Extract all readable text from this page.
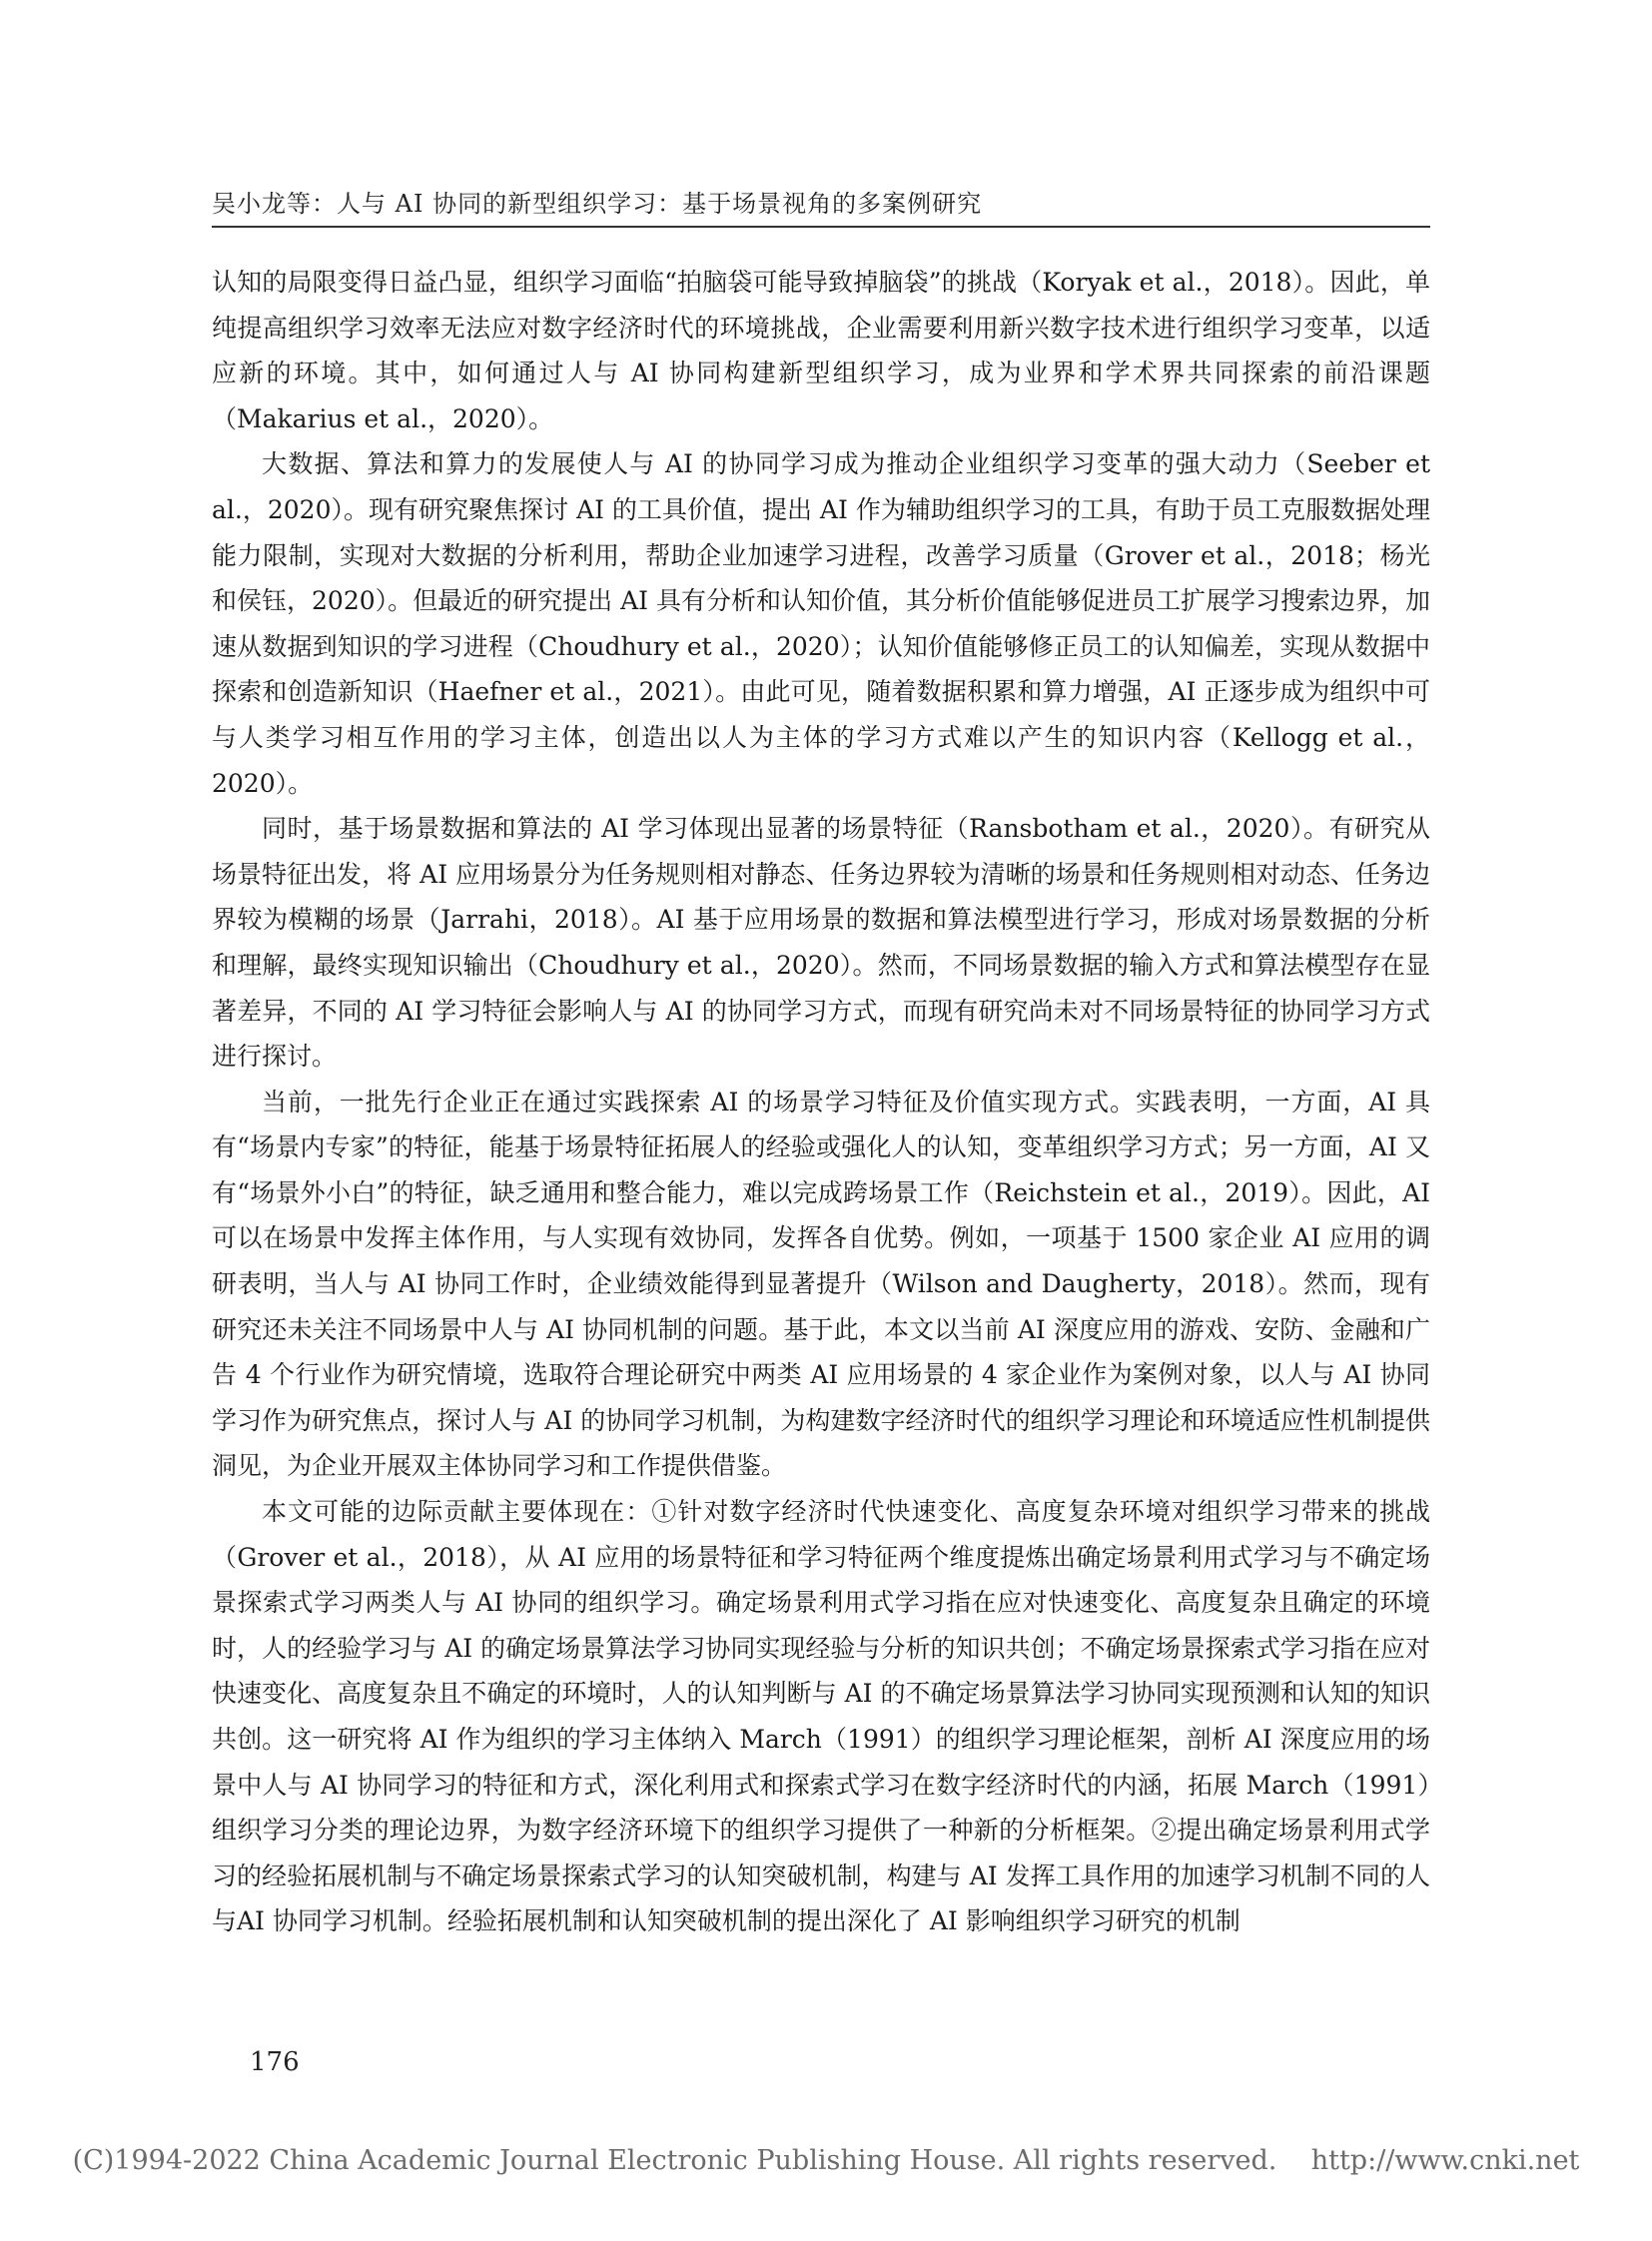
吴小龙等：人与 AI 协同的新型组织学习：基于场景视角的多案例研究

认知的局限变得日益凸显，组织学习面临“拍脑袋可能导致掉脑袋”的挑战（Koryak et al.，2018）。因此，单纯提高组织学习效率无法应对数字经济时代的环境挑战，企业需要利用新兴数字技术进行组织学习变革，以适应新的环境。其中，如何通过人与 AI 协同构建新型组织学习，成为业界和学术界共同探索的前沿课题（Makarius et al.，2020）。

大数据、算法和算力的发展使人与 AI 的协同学习成为推动企业组织学习变革的强大动力（Seeber et al.，2020）。现有研究聚焦探讨 AI 的工具价值，提出 AI 作为辅助组织学习的工具，有助于员工克服数据处理能力限制，实现对大数据的分析利用，帮助企业加速学习进程，改善学习质量（Grover et al.，2018；杨光和侯钰，2020）。但最近的研究提出 AI 具有分析和认知价值，其分析价值能够促进员工扩展学习搜索边界，加速从数据到知识的学习进程（Choudhury et al.，2020）；认知价值能够修正员工的认知偏差，实现从数据中探索和创造新知识（Haefner et al.，2021）。由此可见，随着数据积累和算力增强，AI 正逐步成为组织中可与人类学习相互作用的学习主体，创造出以人为主体的学习方式难以产生的知识内容（Kellogg et al.，2020）。

同时，基于场景数据和算法的 AI 学习体现出显著的场景特征（Ransbotham et al.，2020）。有研究从场景特征出发，将 AI 应用场景分为任务规则相对静态、任务边界较为清晰的场景和任务规则相对动态、任务边界较为模糊的场景（Jarrahi，2018）。AI 基于应用场景的数据和算法模型进行学习，形成对场景数据的分析和理解，最终实现知识输出（Choudhury et al.，2020）。然而，不同场景数据的输入方式和算法模型存在显著差异，不同的 AI 学习特征会影响人与 AI 的协同学习方式，而现有研究尚未对不同场景特征的协同学习方式进行探讨。

当前，一批先行企业正在通过实践探索 AI 的场景学习特征及价值实现方式。实践表明，一方面，AI 具有“场景内专家”的特征，能基于场景特征拓展人的经验或强化人的认知，变革组织学习方式；另一方面，AI 又有“场景外小白”的特征，缺乏通用和整合能力，难以完成跨场景工作（Reichstein et al.，2019）。因此，AI 可以在场景中发挥主体作用，与人实现有效协同，发挥各自优势。例如，一项基于 1500 家企业 AI 应用的调研表明，当人与 AI 协同工作时，企业绩效能得到显著提升（Wilson and Daugherty，2018）。然而，现有研究还未关注不同场景中人与 AI 协同机制的问题。基于此，本文以当前 AI 深度应用的游戏、安防、金融和广告 4 个行业作为研究情境，选取符合理论研究中两类 AI 应用场景的 4 家企业作为案例对象，以人与 AI 协同学习作为研究焦点，探讨人与 AI 的协同学习机制，为构建数字经济时代的组织学习理论和环境适应性机制提供洞见，为企业开展双主体协同学习和工作提供借鉴。

本文可能的边际贡献主要体现在：①针对数字经济时代快速变化、高度复杂环境对组织学习带来的挑战（Grover et al.，2018），从 AI 应用的场景特征和学习特征两个维度提炼出确定场景利用式学习与不确定场景探索式学习两类人与 AI 协同的组织学习。确定场景利用式学习指在应对快速变化、高度复杂且确定的环境时，人的经验学习与 AI 的确定场景算法学习协同实现经验与分析的知识共创；不确定场景探索式学习指在应对快速变化、高度复杂且不确定的环境时，人的认知判断与 AI 的不确定场景算法学习协同实现预测和认知的知识共创。这一研究将 AI 作为组织的学习主体纳入 March（1991）的组织学习理论框架，剖析 AI 深度应用的场景中人与 AI 协同学习的特征和方式，深化利用式和探索式学习在数字经济时代的内涵，拓展 March（1991）组织学习分类的理论边界，为数字经济环境下的组织学习提供了一种新的分析框架。②提出确定场景利用式学习的经验拓展机制与不确定场景探索式学习的认知突破机制，构建与 AI 发挥工具作用的加速学习机制不同的人与AI 协同学习机制。经验拓展机制和认知突破机制的提出深化了 AI 影响组织学习研究的机制

176
(C)1994-2022 China Academic Journal Electronic Publishing House. All rights reserved.    http://www.cnki.net
